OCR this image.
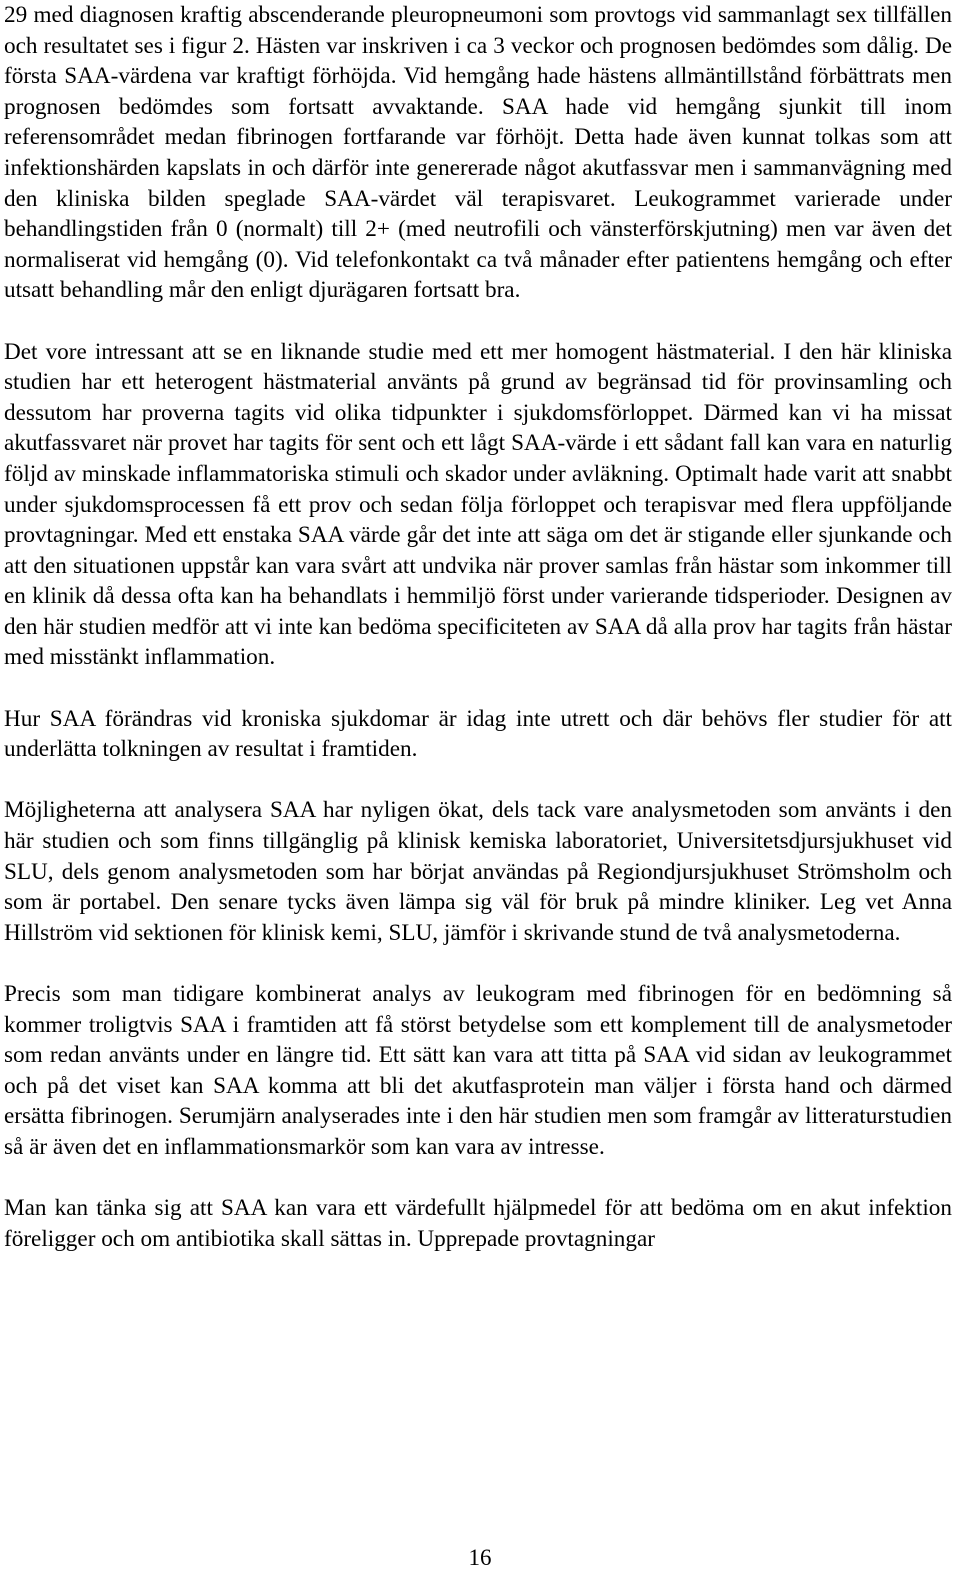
29 med diagnosen kraftig abscenderande pleuropneumoni som provtogs vid sammanlagt sex tillfällen och resultatet ses i figur 2. Hästen var inskriven i ca 3 veckor och prognosen bedömdes som dålig. De första SAA-värdena var kraftigt förhöjda. Vid hemgång hade hästens allmäntillstånd förbättrats men prognosen bedömdes som fortsatt avvaktande. SAA hade vid hemgång sjunkit till inom referensområdet medan fibrinogen fortfarande var förhöjt. Detta hade även kunnat tolkas som att infektionshärden kapslats in och därför inte genererade något akutfassvar men i sammanvägning med den kliniska bilden speglade SAA-värdet väl terapisvaret. Leukogrammet varierade under behandlingstiden från 0 (normalt) till 2+ (med neutrofili och vänsterförskjutning) men var även det normaliserat vid hemgång (0). Vid telefonkontakt ca två månader efter patientens hemgång och efter utsatt behandling mår den enligt djurägaren fortsatt bra.

Det vore intressant att se en liknande studie med ett mer homogent hästmaterial. I den här kliniska studien har ett heterogent hästmaterial använts på grund av begränsad tid för provinsamling och dessutom har proverna tagits vid olika tidpunkter i sjukdomsförloppet. Därmed kan vi ha missat akutfassvaret när provet har tagits för sent och ett lågt SAA-värde i ett sådant fall kan vara en naturlig följd av minskade inflammatoriska stimuli och skador under avläkning. Optimalt hade varit att snabbt under sjukdomsprocessen få ett prov och sedan följa förloppet och terapisvar med flera uppföljande provtagningar. Med ett enstaka SAA värde går det inte att säga om det är stigande eller sjunkande och att den situationen uppstår kan vara svårt att undvika när prover samlas från hästar som inkommer till en klinik då dessa ofta kan ha behandlats i hemmiljö först under varierande tidsperioder. Designen av den här studien medför att vi inte kan bedöma specificiteten av SAA då alla prov har tagits från hästar med misstänkt inflammation.

Hur SAA förändras vid kroniska sjukdomar är idag inte utrett och där behövs fler studier för att underlätta tolkningen av resultat i framtiden.

Möjligheterna att analysera SAA har nyligen ökat, dels tack vare analysmetoden som använts i den här studien och som finns tillgänglig på klinisk kemiska laboratoriet, Universitetsdjursjukhuset vid SLU, dels genom analysmetoden som har börjat användas på Regiondjursjukhuset Strömsholm och som är portabel. Den senare tycks även lämpa sig väl för bruk på mindre kliniker. Leg vet Anna Hillström vid sektionen för klinisk kemi, SLU, jämför i skrivande stund de två analysmetoderna.

Precis som man tidigare kombinerat analys av leukogram med fibrinogen för en bedömning så kommer troligtvis SAA i framtiden att få störst betydelse som ett komplement till de analysmetoder som redan använts under en längre tid. Ett sätt kan vara att titta på SAA vid sidan av leukogrammet och på det viset kan SAA komma att bli det akutfasprotein man väljer i första hand och därmed ersätta fibrinogen. Serumjärn analyserades inte i den här studien men som framgår av litteraturstudien så är även det en inflammationsmarkör som kan vara av intresse.

Man kan tänka sig att SAA kan vara ett värdefullt hjälpmedel för att bedöma om en akut infektion föreligger och om antibiotika skall sättas in. Upprepade provtagningar

16
